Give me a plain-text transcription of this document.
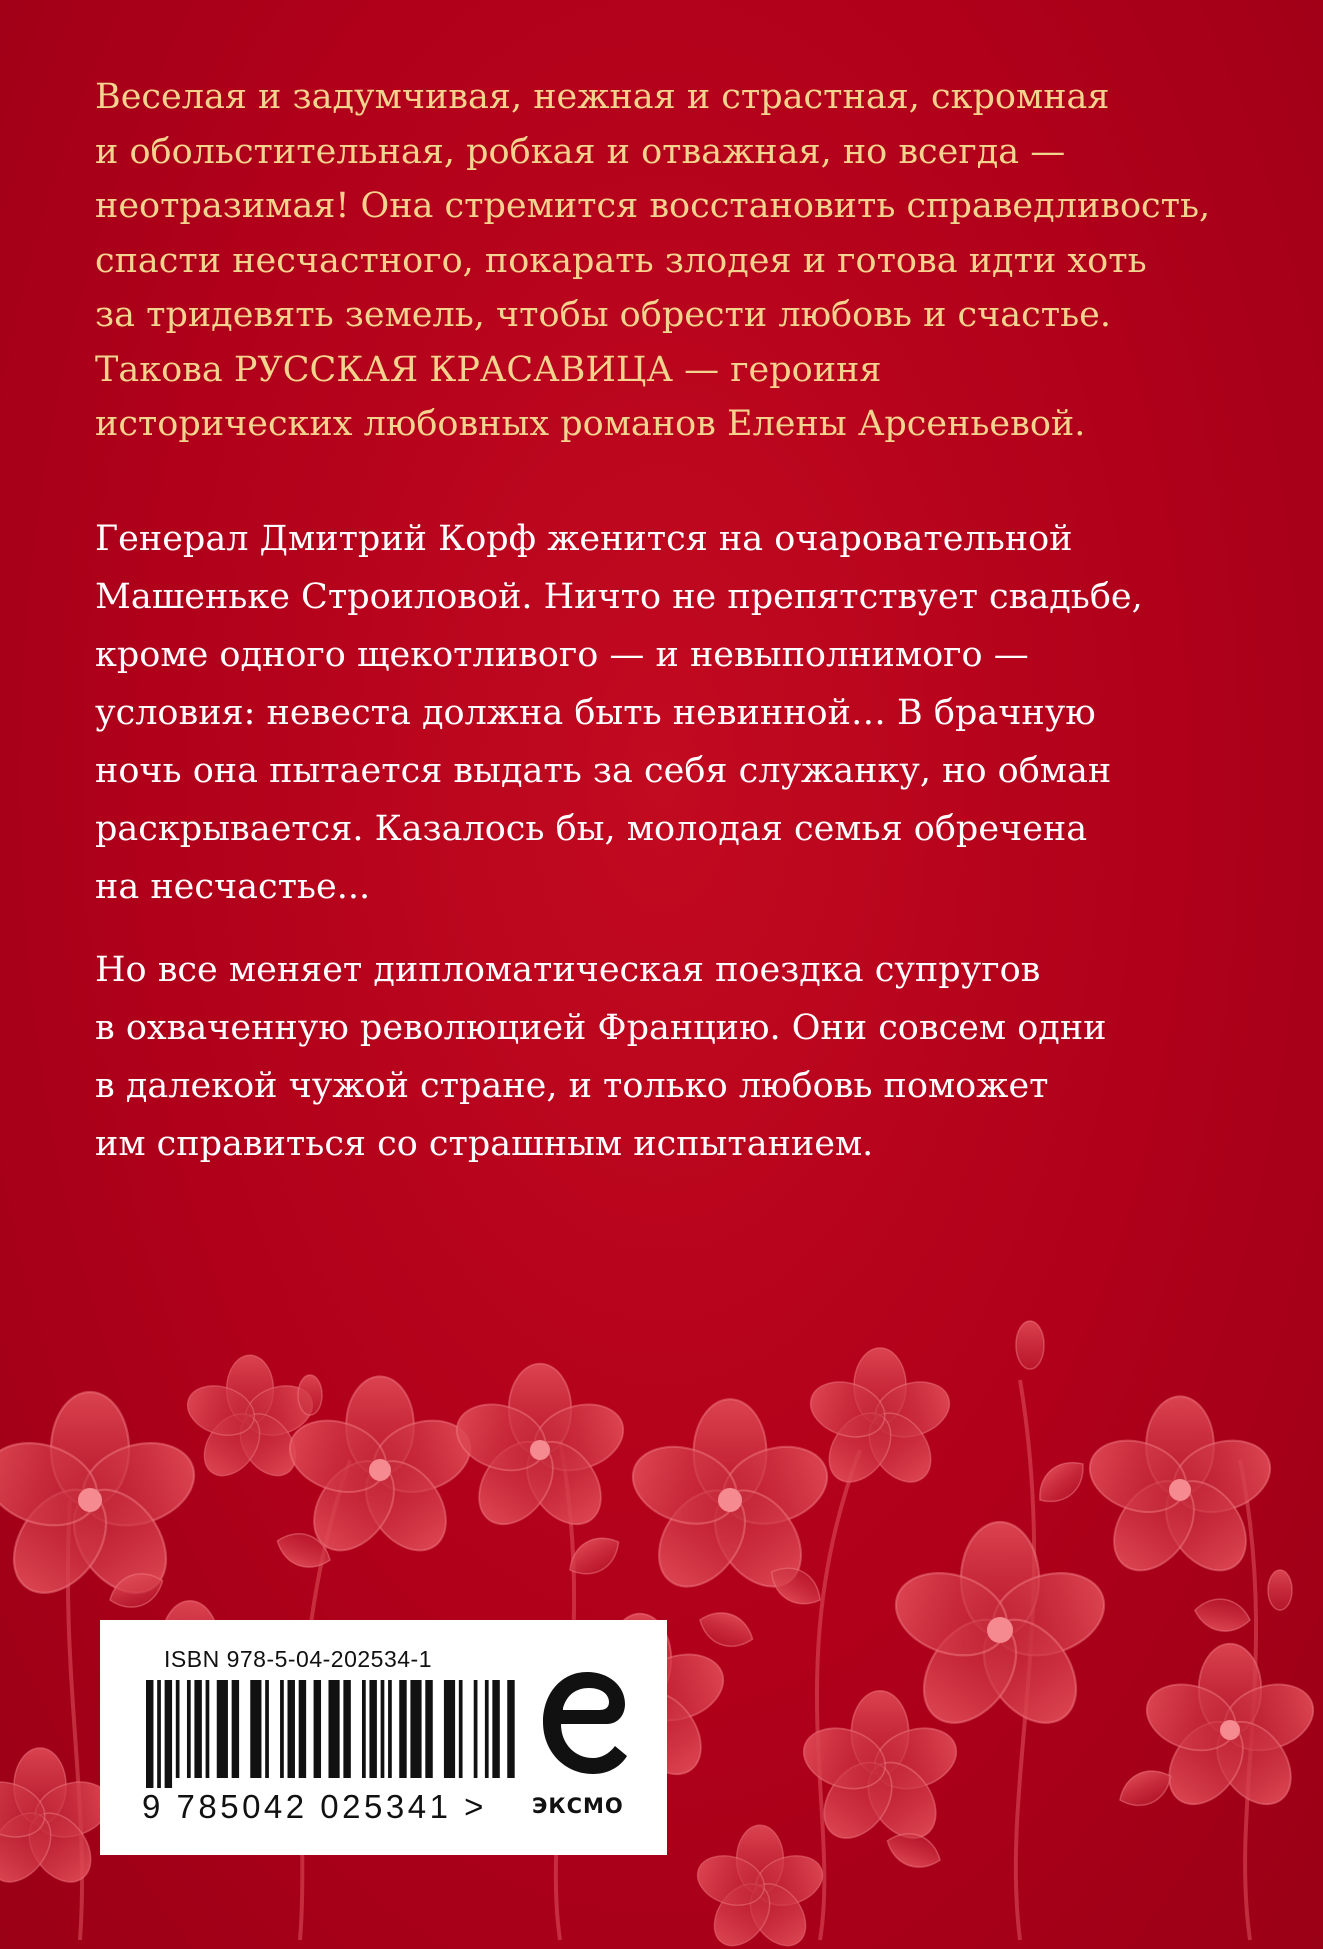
Веселая и задумчивая, нежная и страстная, скромная
и обольстительная, робкая и отважная, но всегда —
неотразимая! Она стремится восстановить справедливость,
спасти несчастного, покарать злодея и готова идти хоть
за тридевять земель, чтобы обрести любовь и счастье.
Такова РУССКАЯ КРАСАВИЦА — героиня
исторических любовных романов Елены Арсеньевой.

Генерал Дмитрий Корф женится на очаровательной
Машеньке Строиловой. Ничто не препятствует свадьбе,
кроме одного щекотливого — и невыполнимого —
условия: невеста должна быть невинной… В брачную
ночь она пытается выдать за себя служанку, но обман
раскрывается. Казалось бы, молодая семья обречена
на несчастье...

Но все меняет дипломатическая поездка супругов
в охваченную революцией Францию. Они совсем одни
в далекой чужой стране, и только любовь поможет
им справиться со страшным испытанием.

ISBN 978-5-04-202534-1
9 785042 025341 > ЭКСМО
